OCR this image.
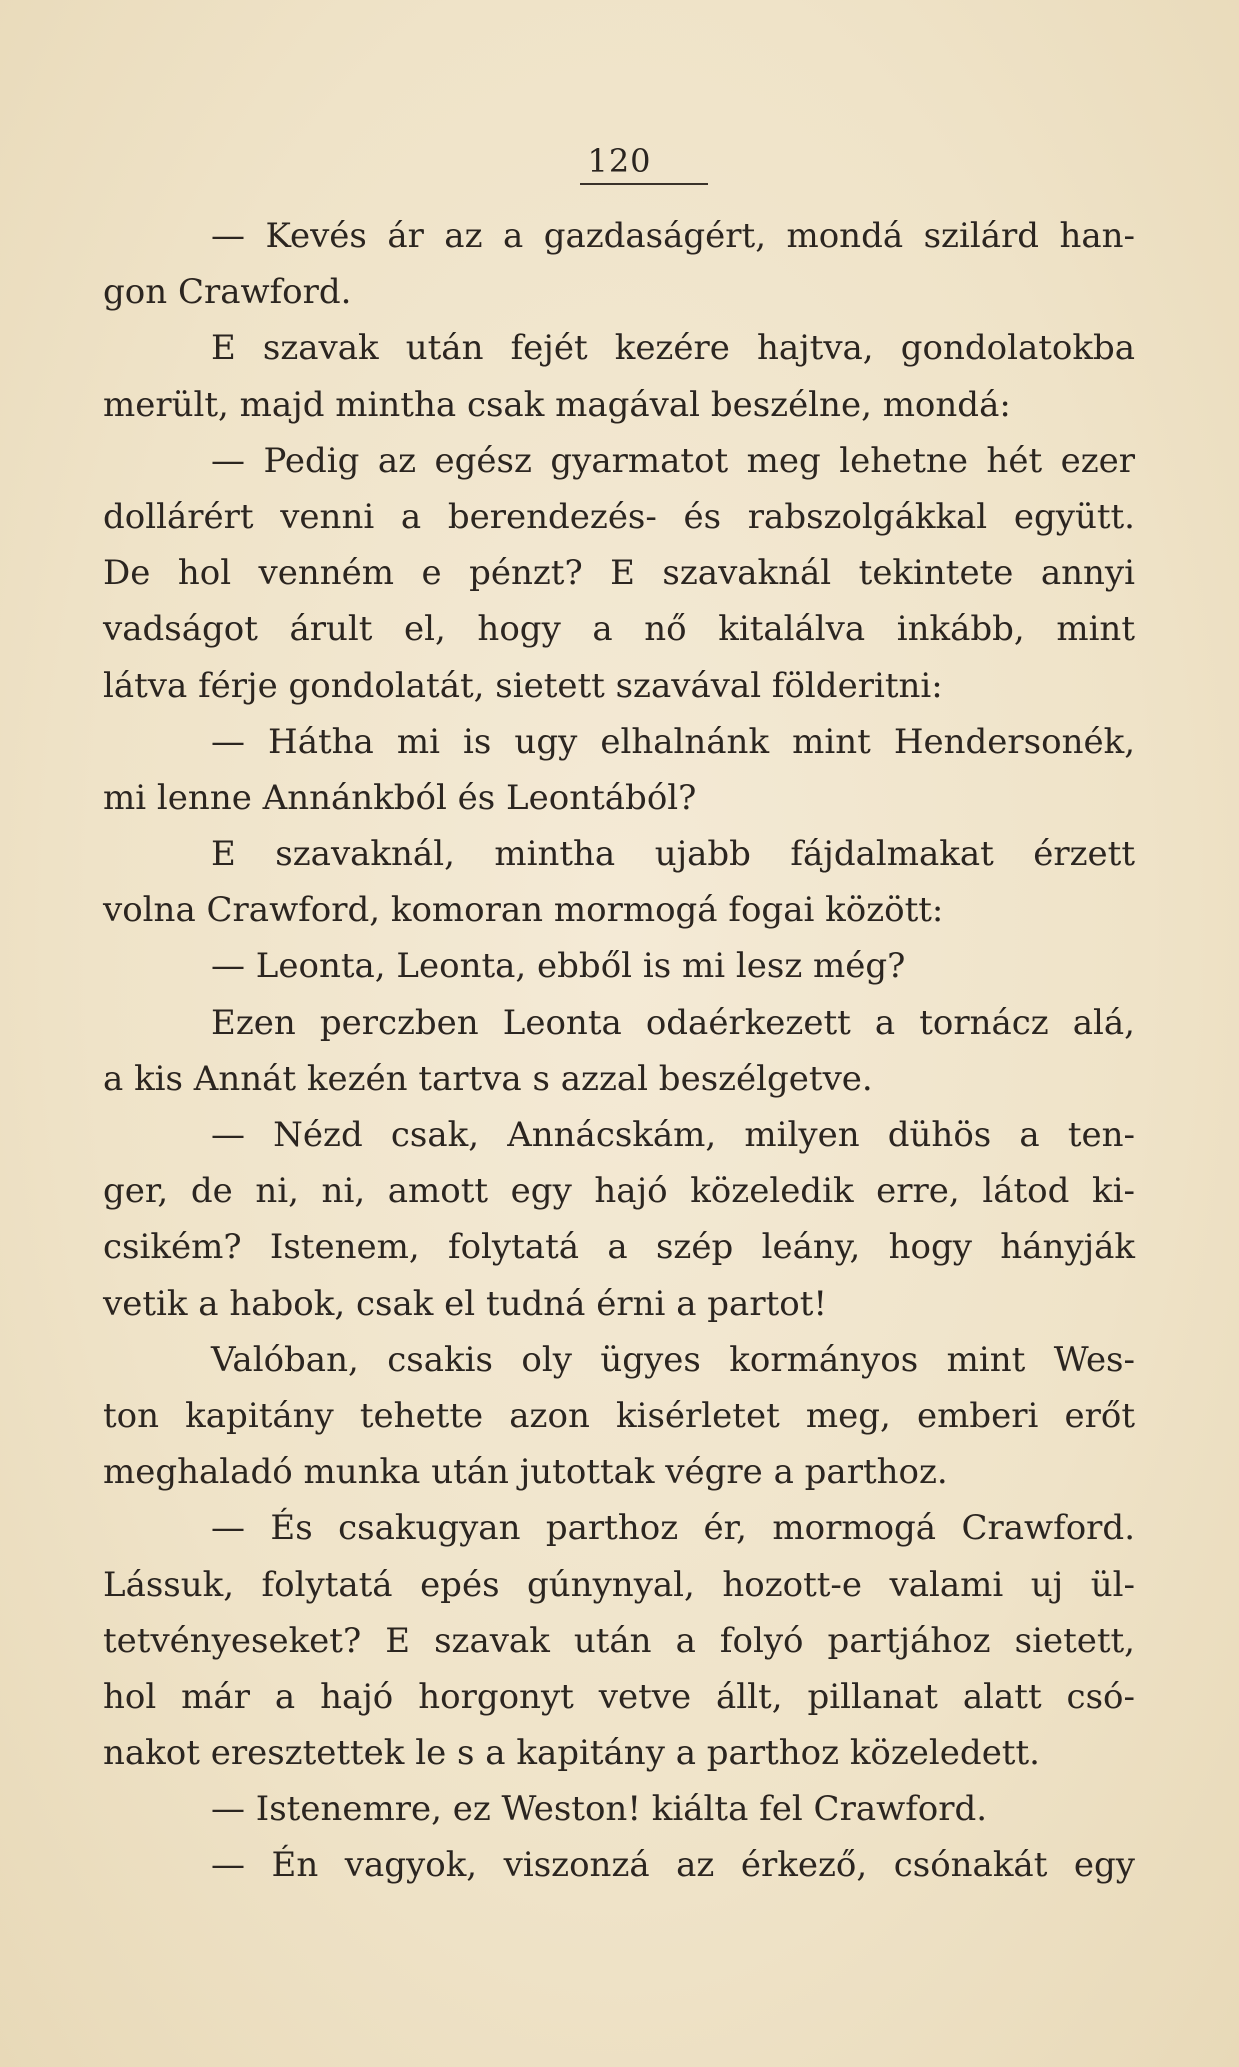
120
— Kevés ár az a gazdaságért, mondá szilárd han-
gon Crawford.
E szavak után fejét kezére hajtva, gondolatokba
merült, majd mintha csak magával beszélne, mondá:
— Pedig az egész gyarmatot meg lehetne hét ezer
dollárért venni a berendezés- és rabszolgákkal együtt.
De hol venném e pénzt? E szavaknál tekintete annyi
vadságot árult el, hogy a nő kitalálva inkább, mint
látva férje gondolatát, sietett szavával földeritni:
— Hátha mi is ugy elhalnánk mint Hendersonék,
mi lenne Annánkból és Leontából?
E szavaknál, mintha ujabb fájdalmakat érzett
volna Crawford, komoran mormogá fogai között:
— Leonta, Leonta, ebből is mi lesz még?
Ezen perczben Leonta odaérkezett a tornácz alá,
a kis Annát kezén tartva s azzal beszélgetve.
— Nézd csak, Annácskám, milyen dühös a ten-
ger, de ni, ni, amott egy hajó közeledik erre, látod ki-
csikém? Istenem, folytatá a szép leány, hogy hányják
vetik a habok, csak el tudná érni a partot!
Valóban, csakis oly ügyes kormányos mint Wes-
ton kapitány tehette azon kisérletet meg, emberi erőt
meghaladó munka után jutottak végre a parthoz.
— És csakugyan parthoz ér, mormogá Crawford.
Lássuk, folytatá epés gúnynyal, hozott-e valami uj ül-
tetvényeseket? E szavak után a folyó partjához sietett,
hol már a hajó horgonyt vetve állt, pillanat alatt csó-
nakot eresztettek le s a kapitány a parthoz közeledett.
— Istenemre, ez Weston! kiálta fel Crawford.
— Én vagyok, viszonzá az érkező, csónakát egy
